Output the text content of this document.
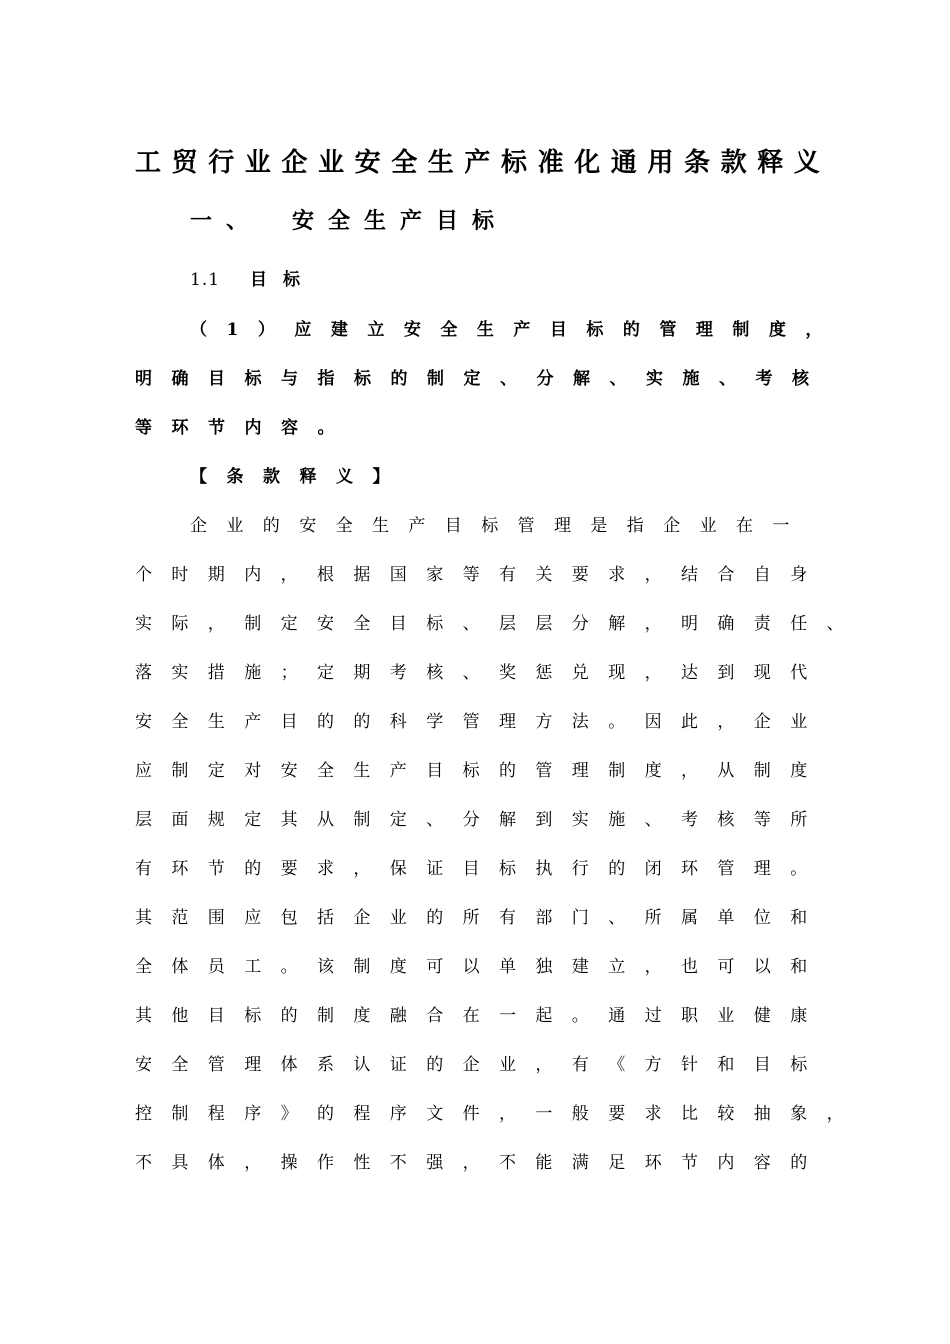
工贸行业企业安全生产标准化通用条款释义
一、 安全生产目标
1.1 目标
（1）应建立安全生产目标的管理制度，
明确目标与指标的制定、分解、实施、考核
等环节内容。
【条款释义】
企业的安全生产目标管理是指企业在一
个时期内，根据国家等有关要求，结合自身
实际，制定安全目标、层层分解，明确责任、
落实措施；定期考核、奖惩兑现，达到现代
安全生产目的的科学管理方法。因此，企业
应制定对安全生产目标的管理制度，从制度
层面规定其从制定、分解到实施、考核等所
有环节的要求，保证目标执行的闭环管理。
其范围应包括企业的所有部门、所属单位和
全体员工。该制度可以单独建立，也可以和
其他目标的制度融合在一起。通过职业健康
安全管理体系认证的企业，有《方针和目标
控制程序》的程序文件，一般要求比较抽象，
不具体，操作性不强，不能满足环节内容的
